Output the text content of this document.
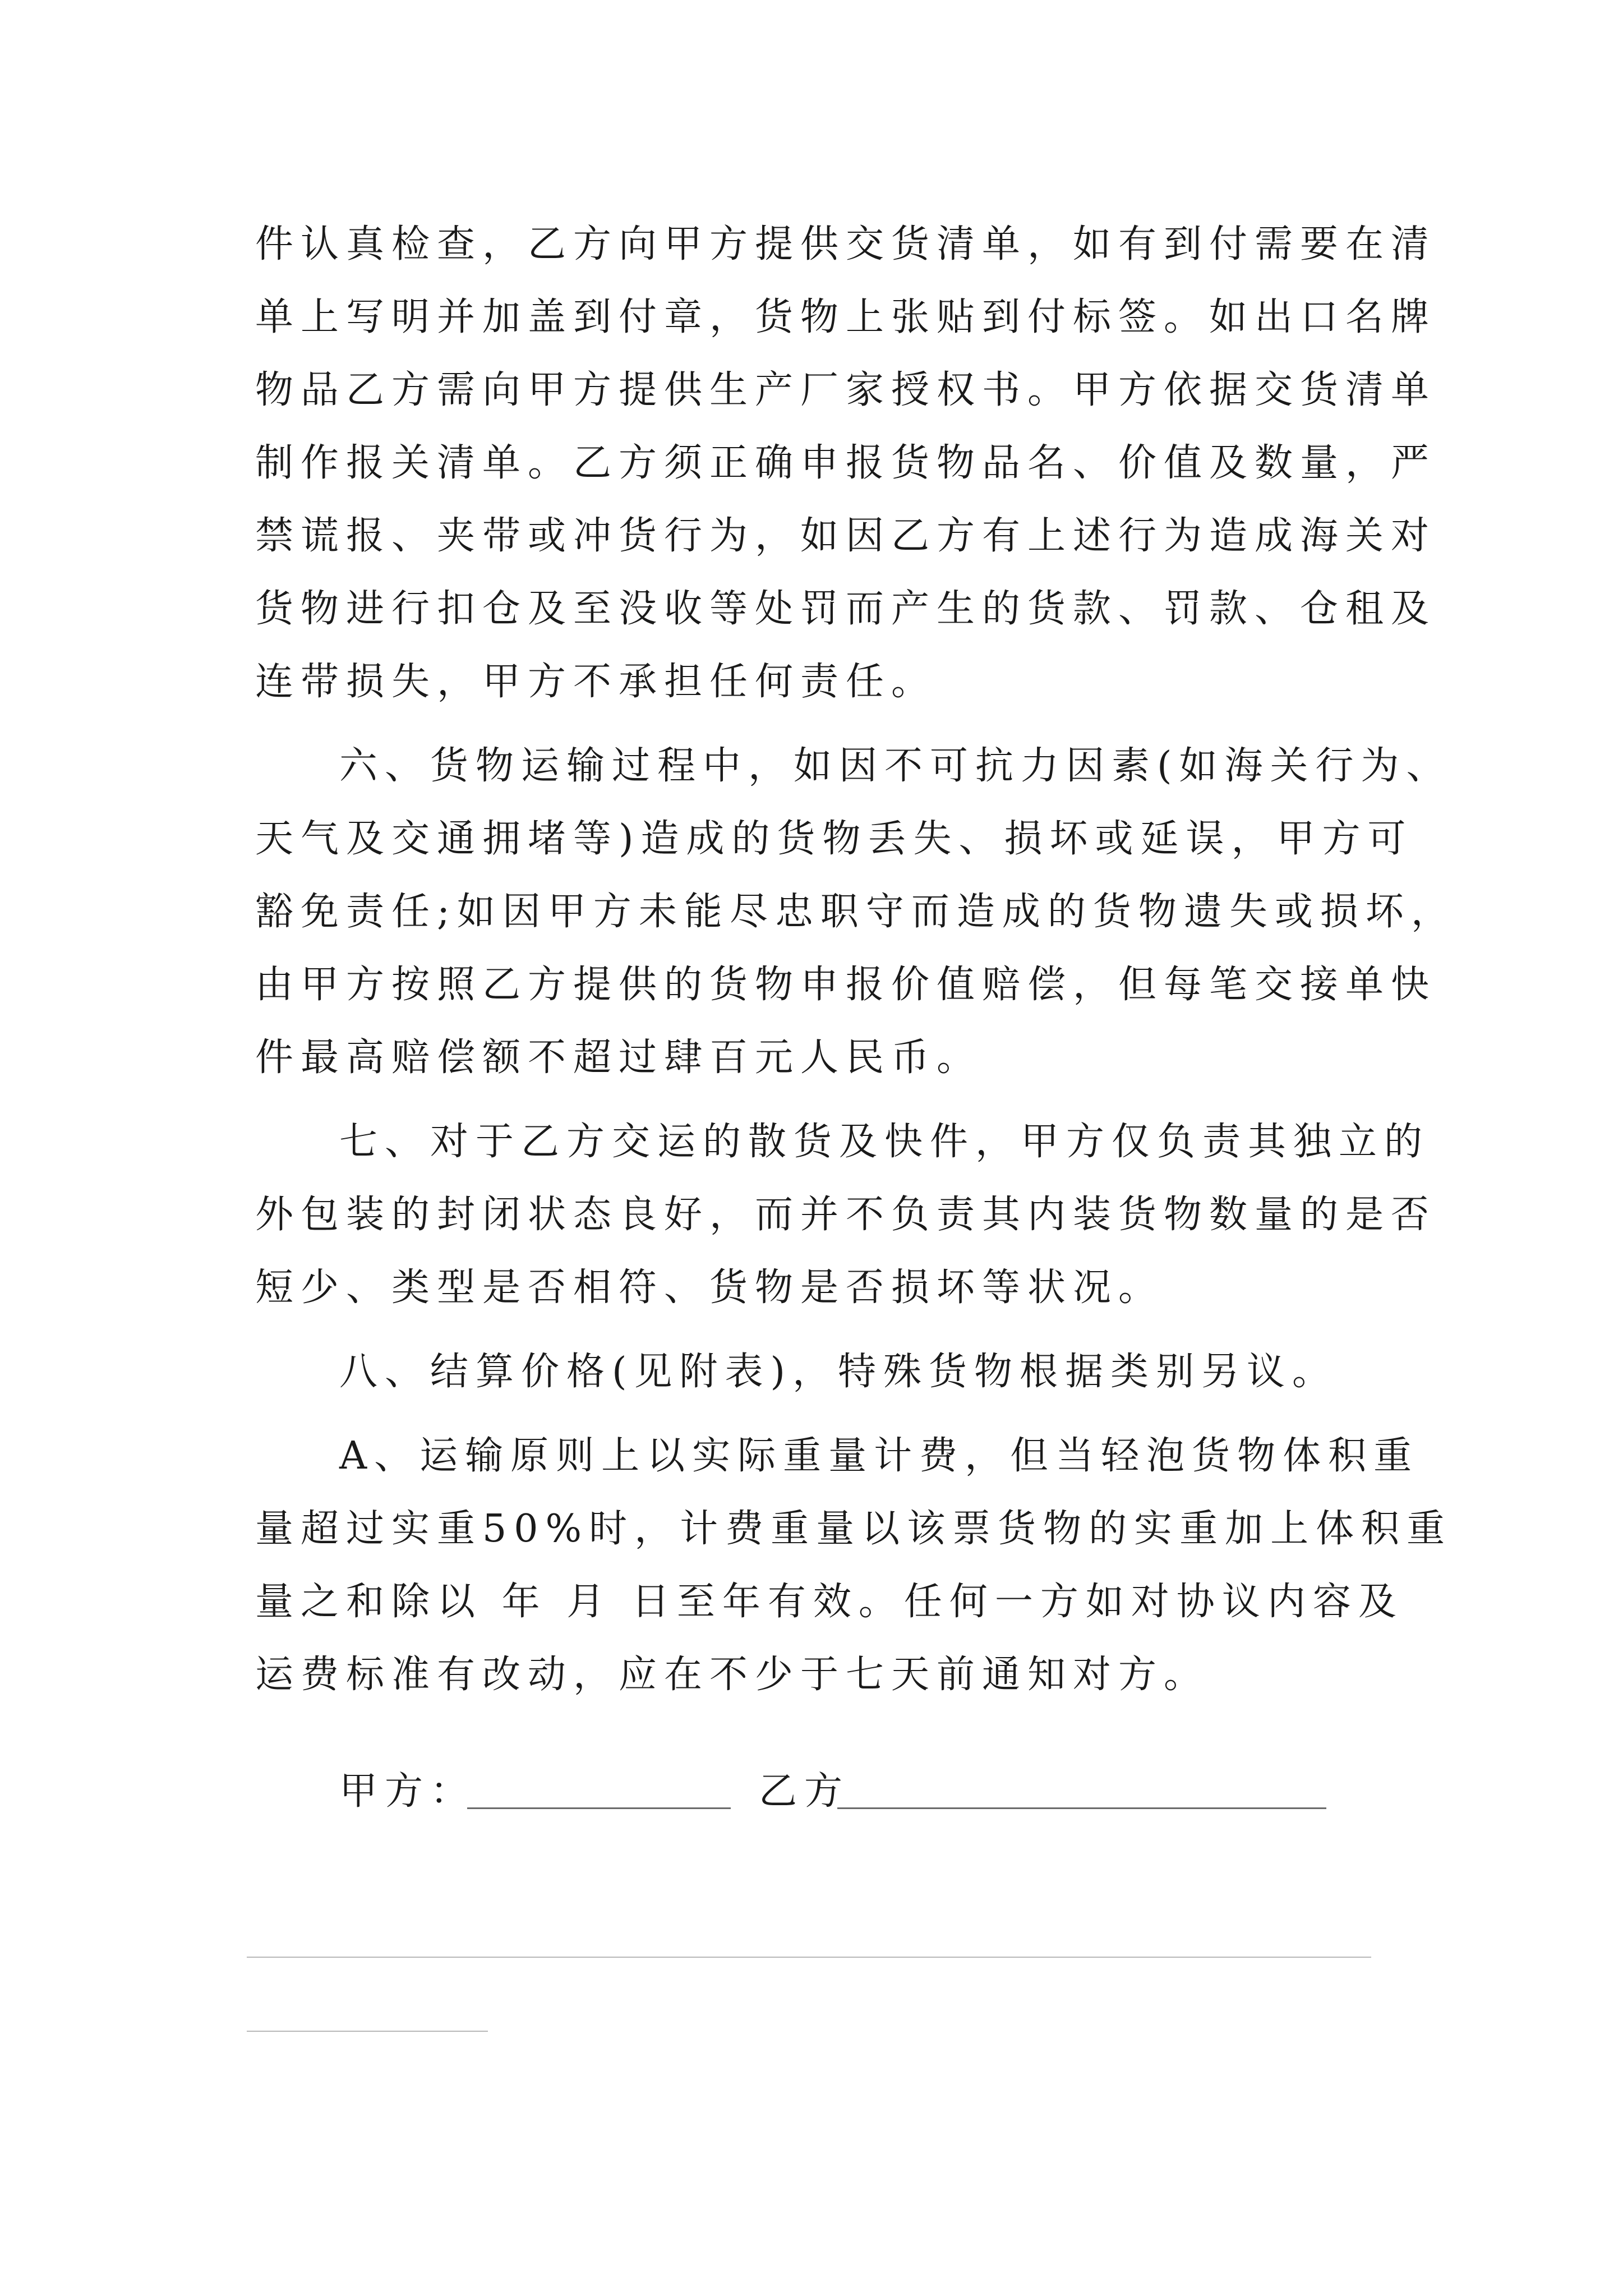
件认真检查，乙方向甲方提供交货清单，如有到付需要在清
单上写明并加盖到付章，货物上张贴到付标签。如出口名牌
物品乙方需向甲方提供生产厂家授权书。甲方依据交货清单
制作报关清单。乙方须正确申报货物品名、价值及数量，严
禁谎报、夹带或冲货行为，如因乙方有上述行为造成海关对
货物进行扣仓及至没收等处罚而产生的货款、罚款、仓租及
连带损失，甲方不承担任何责任。
六、货物运输过程中，如因不可抗力因素(如海关行为、
天气及交通拥堵等)造成的货物丢失、损坏或延误，甲方可
豁免责任;如因甲方未能尽忠职守而造成的货物遗失或损坏，
由甲方按照乙方提供的货物申报价值赔偿，但每笔交接单快
件最高赔偿额不超过肆百元人民币。
七、对于乙方交运的散货及快件，甲方仅负责其独立的
外包装的封闭状态良好，而并不负责其内装货物数量的是否
短少、类型是否相符、货物是否损坏等状况。
八、结算价格(见附表)，特殊货物根据类别另议。
A、运输原则上以实际重量计费，但当轻泡货物体积重
量超过实重50%时，计费重量以该票货物的实重加上体积重
量之和除以 年 月 日至年有效。任何一方如对协议内容及
运费标准有改动，应在不少于七天前通知对方。
甲方：	乙方
